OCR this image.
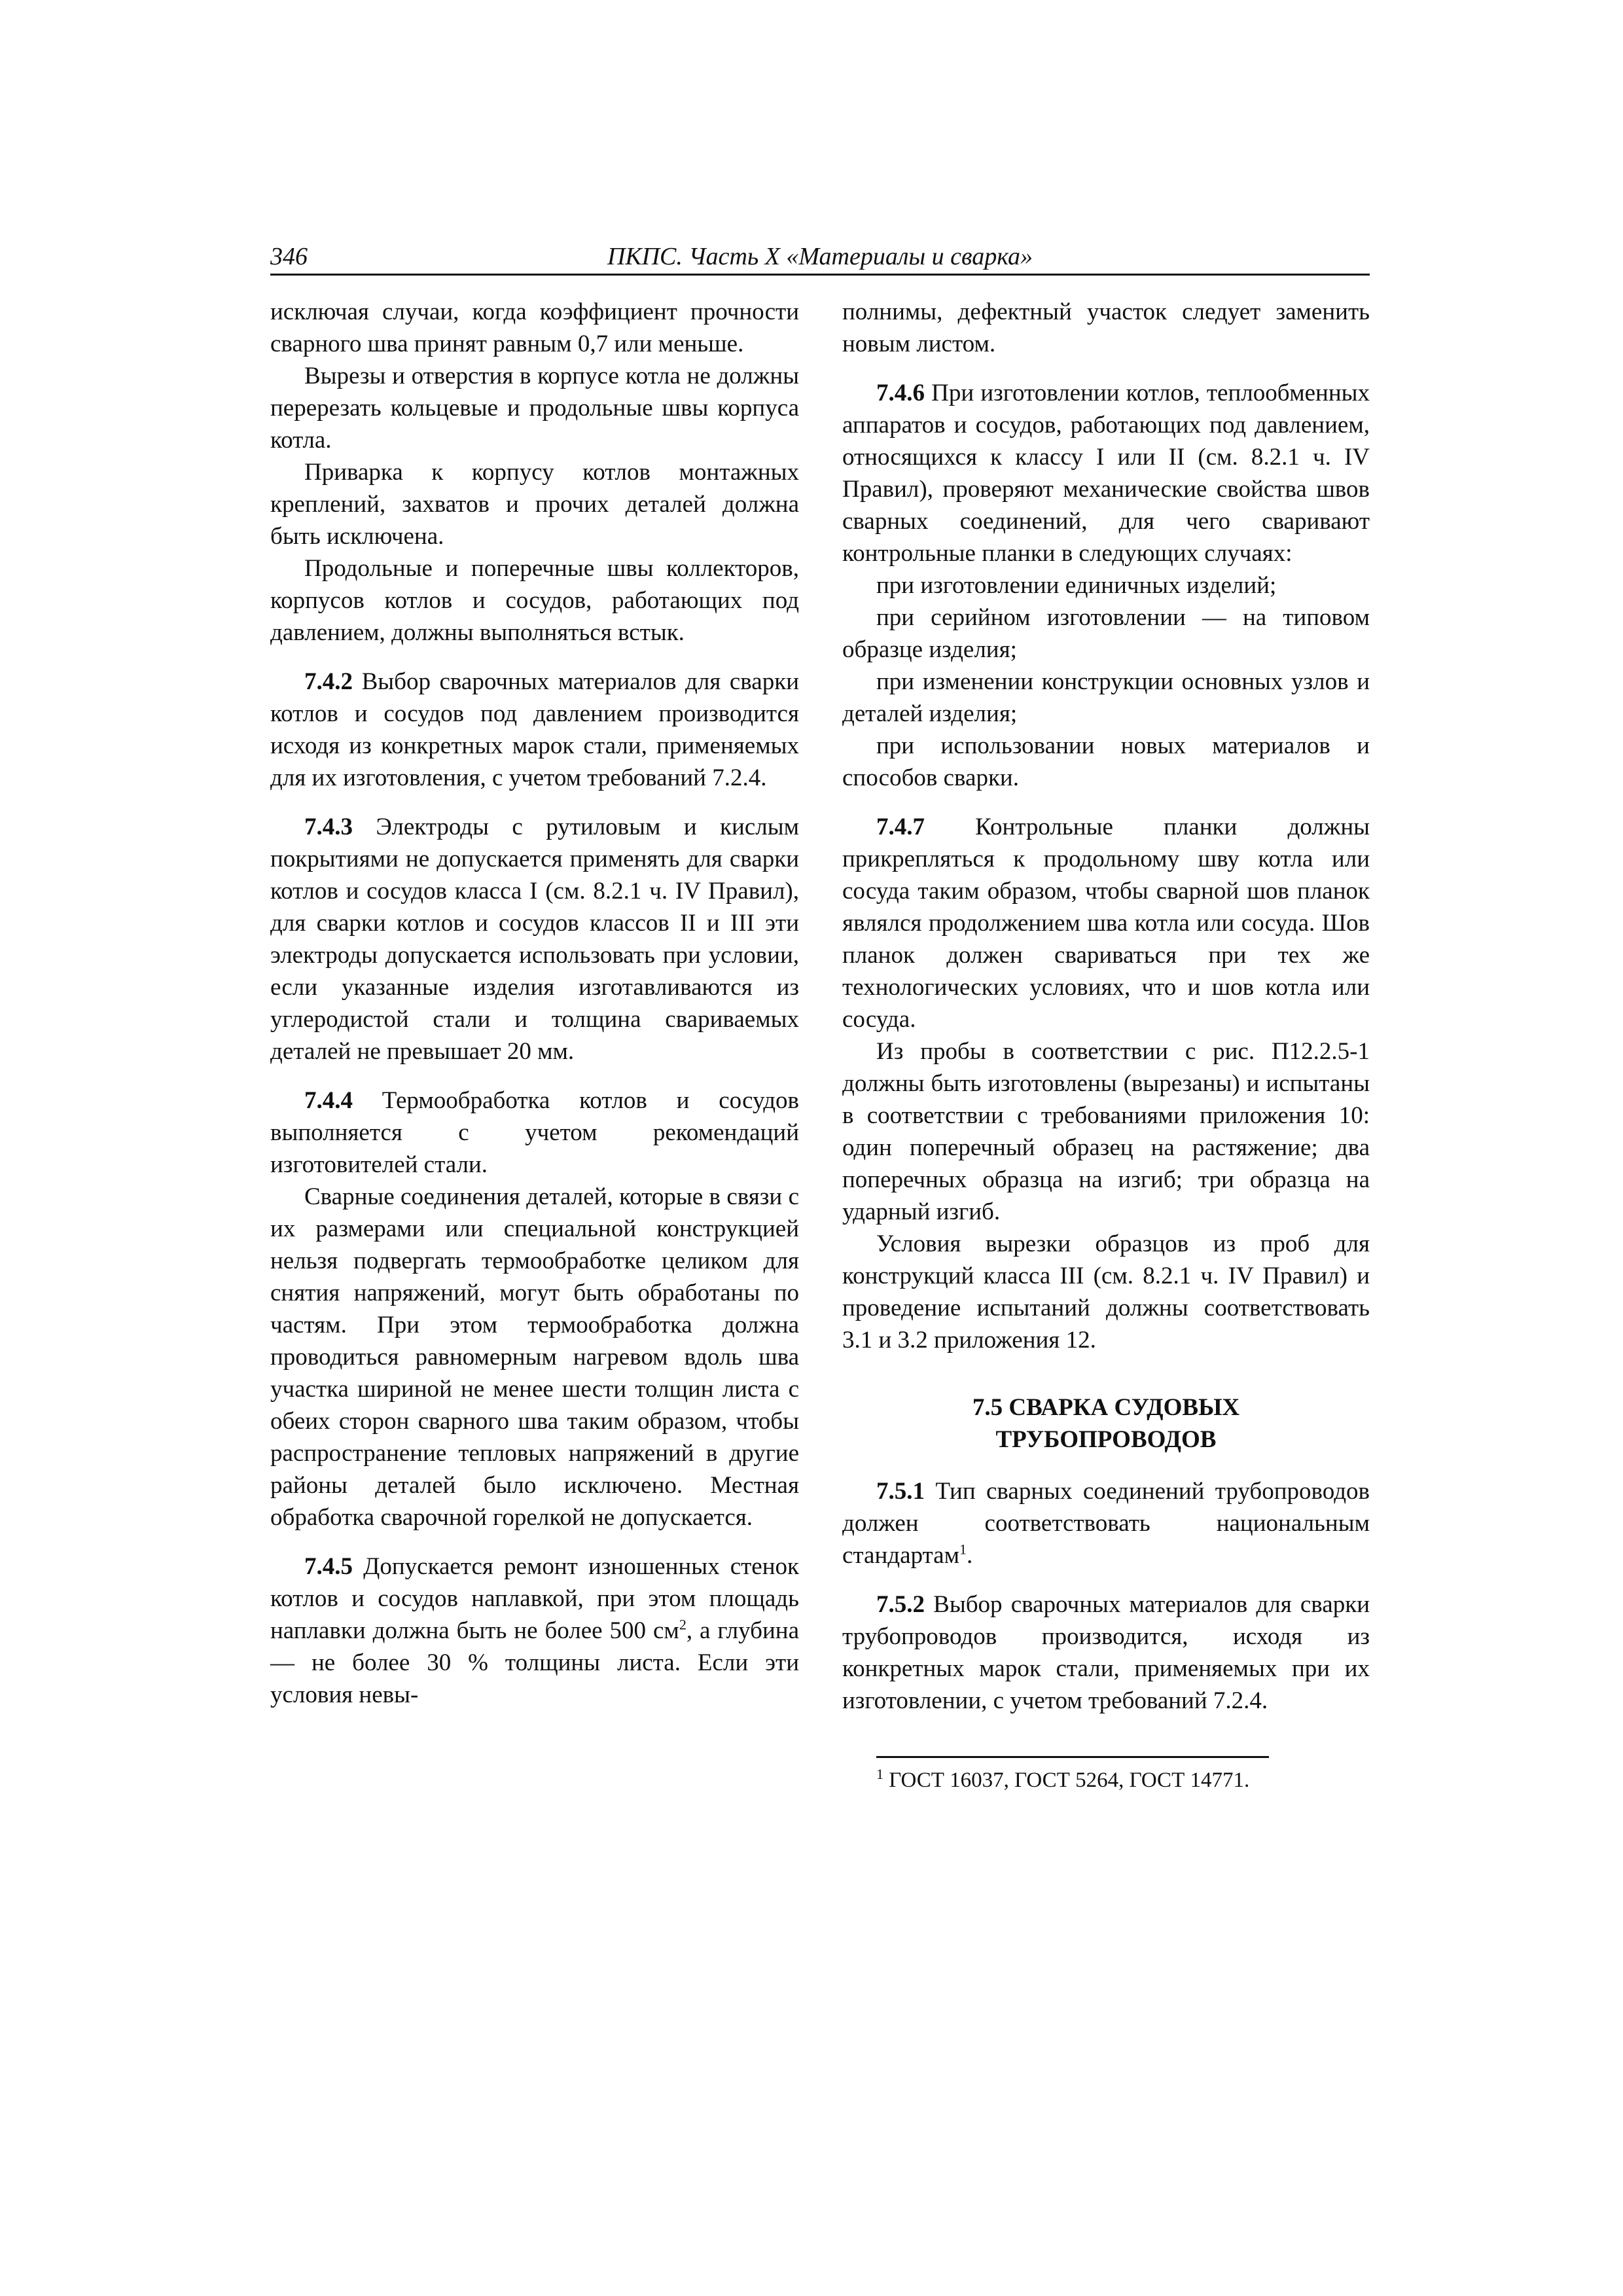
346	ПКПС. Часть X «Материалы и сварка»

исключая случаи, когда коэффициент прочности сварного шва принят равным 0,7 или меньше.

Вырезы и отверстия в корпусе котла не должны перерезать кольцевые и продольные швы корпуса котла.

Приварка к корпусу котлов монтажных креплений, захватов и прочих деталей должна быть исключена.

Продольные и поперечные швы коллекторов, корпусов котлов и сосудов, работающих под давлением, должны выполняться встык.

7.4.2 Выбор сварочных материалов для сварки котлов и сосудов под давлением производится исходя из конкретных марок стали, применяемых для их изготовления, с учетом требований 7.2.4.

7.4.3 Электроды с рутиловым и кислым покрытиями не допускается применять для сварки котлов и сосудов класса I (см. 8.2.1 ч. IV Правил), для сварки котлов и сосудов классов II и III эти электроды допускается использовать при условии, если указанные изделия изготавливаются из углеродистой стали и толщина свариваемых деталей не превышает 20 мм.

7.4.4 Термообработка котлов и сосудов выполняется с учетом рекомендаций изготовителей стали.

Сварные соединения деталей, которые в связи с их размерами или специальной конструкцией нельзя подвергать термообработке целиком для снятия напряжений, могут быть обработаны по частям. При этом термообработка должна проводиться равномерным нагревом вдоль шва участка шириной не менее шести толщин листа с обеих сторон сварного шва таким образом, чтобы распространение тепловых напряжений в другие районы деталей было исключено. Местная обработка сварочной горелкой не допускается.

7.4.5 Допускается ремонт изношенных стенок котлов и сосудов наплавкой, при этом площадь наплавки должна быть не более 500 $см^2$, а глубина — не более 30 % толщины листа. Если эти условия невы-

полнимы, дефектный участок следует заменить новым листом.

7.4.6 При изготовлении котлов, теплообменных аппаратов и сосудов, работающих под давлением, относящихся к классу I или II (см. 8.2.1 ч. IV Правил), проверяют механические свойства швов сварных соединений, для чего сваривают контрольные планки в следующих случаях:

при изготовлении единичных изделий;

при серийном изготовлении — на типовом образце изделия;

при изменении конструкции основных узлов и деталей изделия;

при использовании новых материалов и способов сварки.

7.4.7 Контрольные планки должны прикрепляться к продольному шву котла или сосуда таким образом, чтобы сварной шов планок являлся продолжением шва котла или сосуда. Шов планок должен свариваться при тех же технологических условиях, что и шов котла или сосуда.

Из пробы в соответствии с рис. П12.2.5-1 должны быть изготовлены (вырезаны) и испытаны в соответствии с требованиями приложения 10: один поперечный образец на растяжение; два поперечных образца на изгиб; три образца на ударный изгиб.

Условия вырезки образцов из проб для конструкций класса III (см. 8.2.1 ч. IV Правил) и проведение испытаний должны соответствовать 3.1 и 3.2 приложения 12.

7.5 СВАРКА СУДОВЫХ
ТРУБОПРОВОДОВ

7.5.1 Тип сварных соединений трубопроводов должен соответствовать национальным стандартам$^1$.

7.5.2 Выбор сварочных материалов для сварки трубопроводов производится, исходя из конкретных марок стали, применяемых при их изготовлении, с учетом требований 7.2.4.

$^1$ ГОСТ 16037, ГОСТ 5264, ГОСТ 14771.
